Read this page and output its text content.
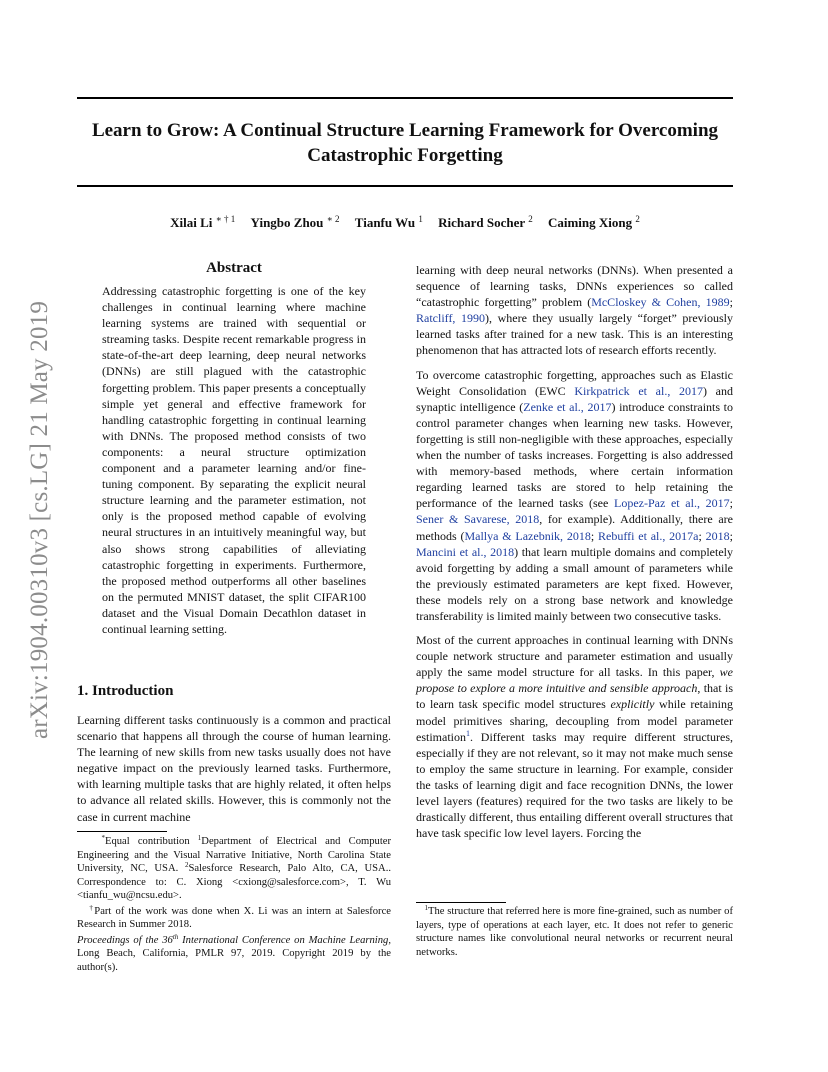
arXiv:1904.00310v3 [cs.LG] 21 May 2019
Learn to Grow: A Continual Structure Learning Framework for Overcoming
Catastrophic Forgetting
Xilai Li $^{∗ \dagger 1}$ Yingbo Zhou $^{∗ 2}$ Tianfu Wu $^1$ Richard Socher $^2$ Caiming Xiong $^2$
Abstract

Addressing catastrophic forgetting is one of the key challenges in continual learning where machine learning systems are trained with sequential or streaming tasks. Despite recent remarkable progress in state-of-the-art deep learning, deep neural networks (DNNs) are still plagued with the catastrophic forgetting problem. This paper presents a conceptually simple yet general and effective framework for handling catastrophic forgetting in continual learning with DNNs. The proposed method consists of two components: a neural structure optimization component and a parameter learning and/or fine-tuning component. By separating the explicit neural structure learning and the parameter estimation, not only is the proposed method capable of evolving neural structures in an intuitively meaningful way, but also shows strong capabilities of alleviating catastrophic forgetting in experiments. Furthermore, the proposed method outperforms all other baselines on the permuted MNIST dataset, the split CIFAR100 dataset and the Visual Domain Decathlon dataset in continual learning setting.

1. Introduction

Learning different tasks continuously is a common and practical scenario that happens all through the course of human learning. The learning of new skills from new tasks usually does not have negative impact on the previously learned tasks. Furthermore, with learning multiple tasks that are highly related, it often helps to advance all related skills. However, this is commonly not the case in current machine

*Equal contribution $^1$Department of Electrical and Computer Engineering and the Visual Narrative Initiative, North Carolina State University, NC, USA. $^2$Salesforce Research, Palo Alto, CA, USA.. Correspondence to: C. Xiong <cxiong@salesforce.com>, T. Wu <tianfu_wu@ncsu.edu>.

†Part of the work was done when X. Li was an intern at Salesforce Research in Summer 2018.

Proceedings of the 36th International Conference on Machine Learning, Long Beach, California, PMLR 97, 2019. Copyright 2019 by the author(s).

learning with deep neural networks (DNNs). When presented a sequence of learning tasks, DNNs experiences so called “catastrophic forgetting” problem (McCloskey & Cohen, 1989; Ratcliff, 1990), where they usually largely “forget” previously learned tasks after trained for a new task. This is an interesting phenomenon that has attracted lots of research efforts recently.

To overcome catastrophic forgetting, approaches such as Elastic Weight Consolidation (EWC Kirkpatrick et al., 2017) and synaptic intelligence (Zenke et al., 2017) introduce constraints to control parameter changes when learning new tasks. However, forgetting is still non-negligible with these approaches, especially when the number of tasks increases. Forgetting is also addressed with memory-based methods, where certain information regarding learned tasks are stored to help retaining the performance of the learned tasks (see Lopez-Paz et al., 2017; Sener & Savarese, 2018, for example). Additionally, there are methods (Mallya & Lazebnik, 2018; Rebuffi et al., 2017a; 2018; Mancini et al., 2018) that learn multiple domains and completely avoid forgetting by adding a small amount of parameters while the previously estimated parameters are kept fixed. However, these models rely on a strong base network and knowledge transferability is limited mainly between two consecutive tasks.

Most of the current approaches in continual learning with DNNs couple network structure and parameter estimation and usually apply the same model structure for all tasks. In this paper, we propose to explore a more intuitive and sensible approach, that is to learn task specific model structures explicitly while retaining model primitives sharing, decoupling from model parameter estimation$^1$. Different tasks may require different structures, especially if they are not relevant, so it may not make much sense to employ the same structure in learning. For example, consider the tasks of learning digit and face recognition DNNs, the lower level layers (features) required for the two tasks are likely to be drastically different, thus entailing different overall structures that have task specific low level layers. Forcing the

$^1$The structure that referred here is more fine-grained, such as number of layers, type of operations at each layer, etc. It does not refer to generic structure names like convolutional neural networks or recurrent neural networks.
